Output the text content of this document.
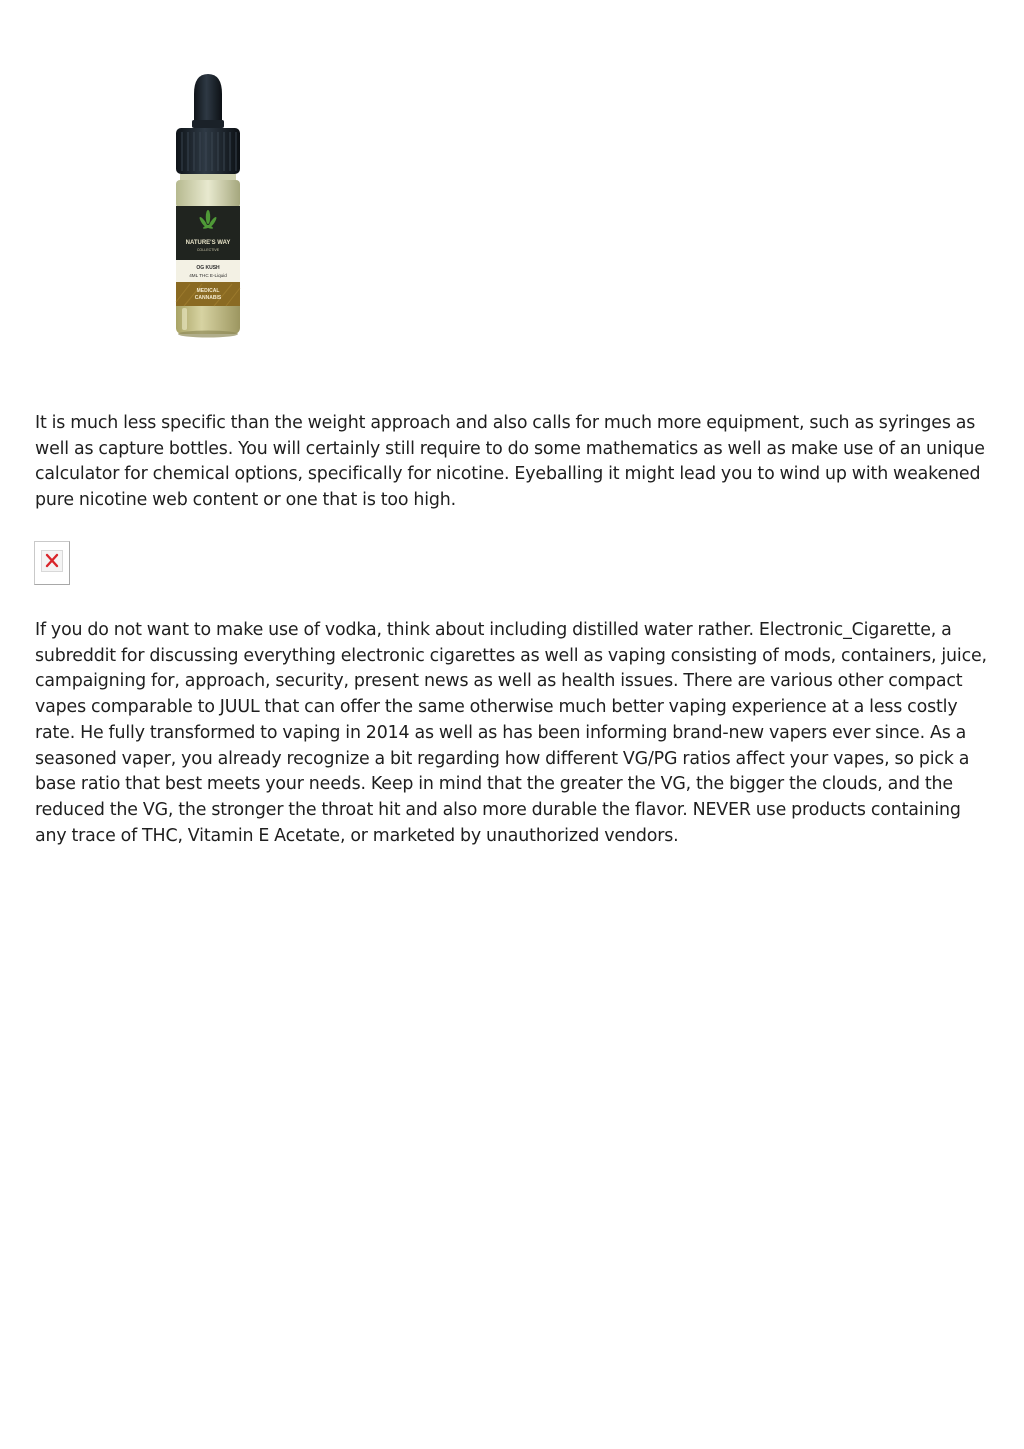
NATURE'S WAY
COLLECTIVE
OG KUSH
4ML THC E-Liquid
MEDICAL
CANNABIS

It is much less specific than the weight approach and also calls for much more equipment, such as syringes as well as capture bottles. You will certainly still require to do some mathematics as well as make use of an unique calculator for chemical options, specifically for nicotine. Eyeballing it might lead you to wind up with weakened pure nicotine web content or one that is too high.

If you do not want to make use of vodka, think about including distilled water rather. Electronic_Cigarette, a subreddit for discussing everything electronic cigarettes as well as vaping consisting of mods, containers, juice, campaigning for, approach, security, present news as well as health issues. There are various other compact vapes comparable to JUUL that can offer the same otherwise much better vaping experience at a less costly rate. He fully transformed to vaping in 2014 as well as has been informing brand-new vapers ever since. As a seasoned vaper, you already recognize a bit regarding how different VG/PG ratios affect your vapes, so pick a base ratio that best meets your needs. Keep in mind that the greater the VG, the bigger the clouds, and the reduced the VG, the stronger the throat hit and also more durable the flavor. NEVER use products containing any trace of THC, Vitamin E Acetate, or marketed by unauthorized vendors.
